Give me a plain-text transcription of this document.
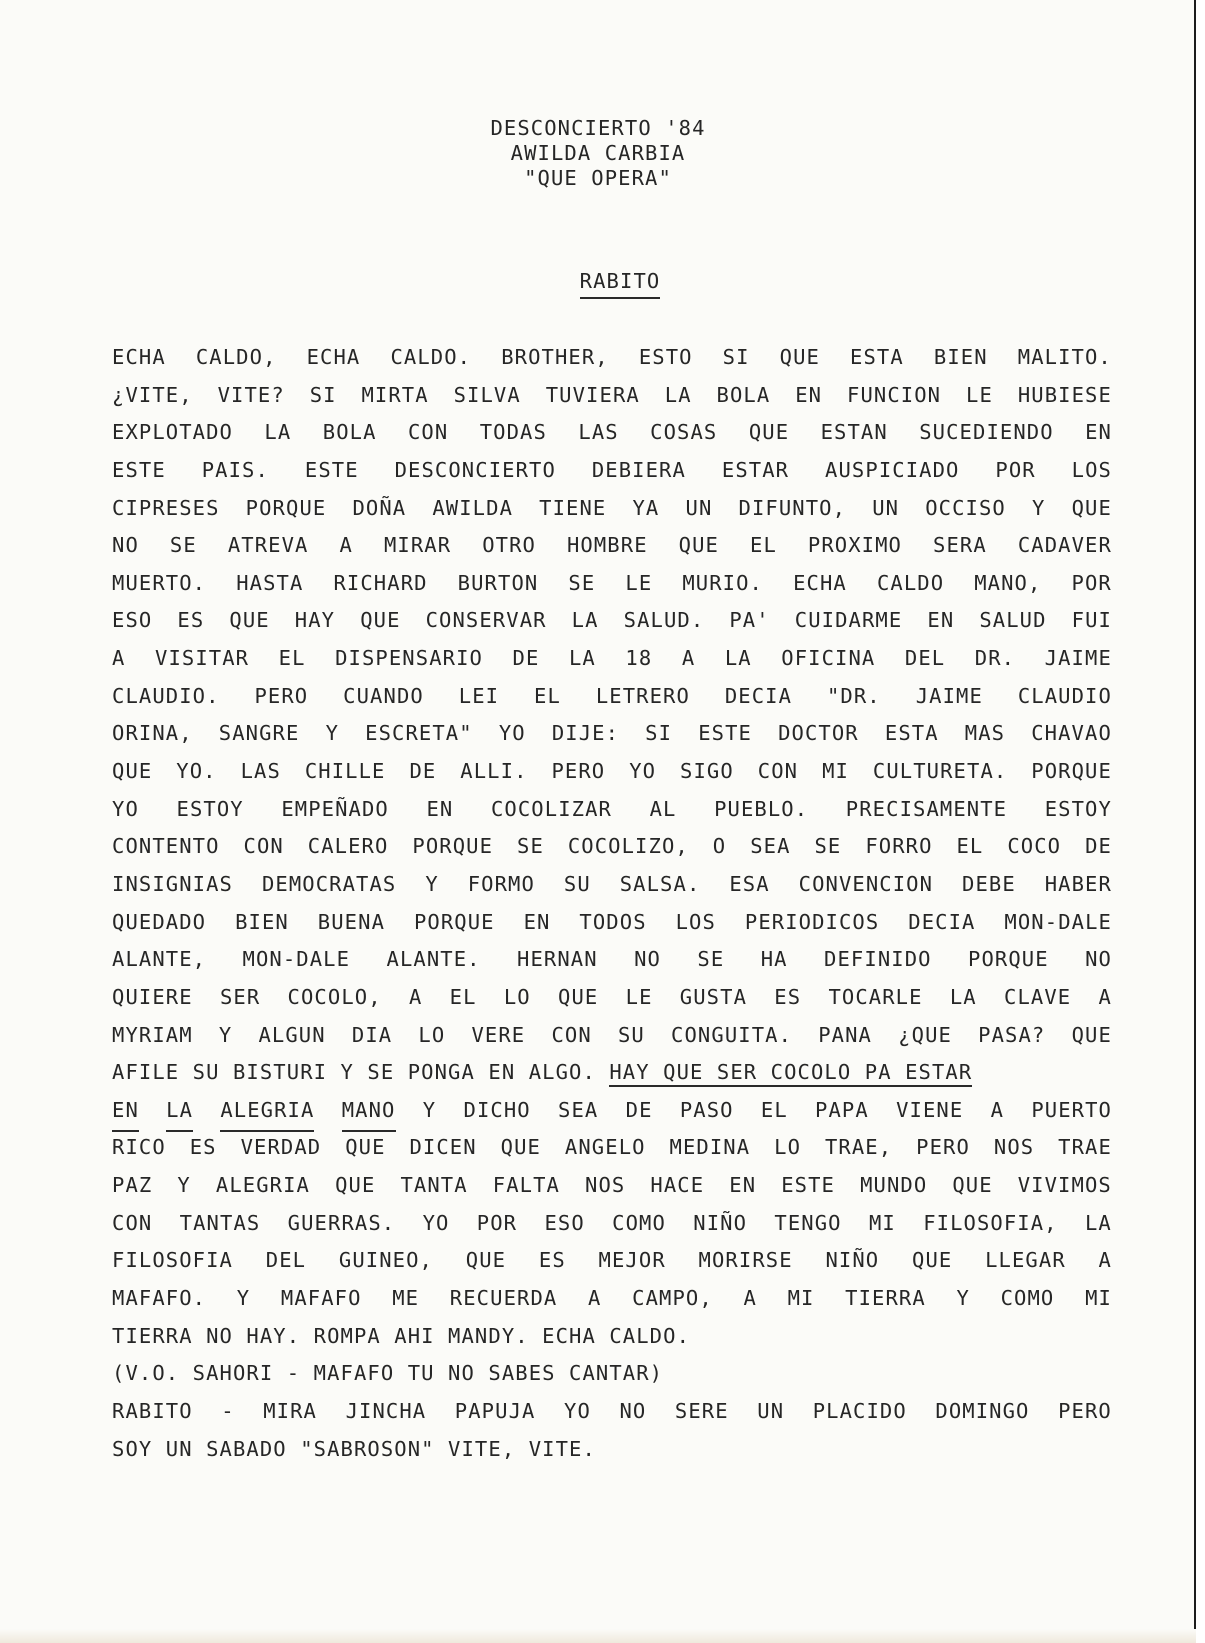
DESCONCIERTO '84
AWILDA CARBIA
"QUE OPERA"
RABITO
ECHA CALDO, ECHA CALDO. BROTHER, ESTO SI QUE ESTA BIEN MALITO.
¿VITE, VITE? SI MIRTA SILVA TUVIERA LA BOLA EN FUNCION LE HUBIESE
EXPLOTADO LA BOLA CON TODAS LAS COSAS QUE ESTAN SUCEDIENDO EN
ESTE PAIS. ESTE DESCONCIERTO DEBIERA ESTAR AUSPICIADO POR LOS
CIPRESES PORQUE DOÑA AWILDA TIENE YA UN DIFUNTO, UN OCCISO Y QUE
NO SE ATREVA A MIRAR OTRO HOMBRE QUE EL PROXIMO SERA CADAVER
MUERTO. HASTA RICHARD BURTON SE LE MURIO. ECHA CALDO MANO, POR
ESO ES QUE HAY QUE CONSERVAR LA SALUD. PA' CUIDARME EN SALUD FUI
A VISITAR EL DISPENSARIO DE LA 18 A LA OFICINA DEL DR. JAIME
CLAUDIO. PERO CUANDO LEI EL LETRERO DECIA "DR. JAIME CLAUDIO
ORINA, SANGRE Y ESCRETA" YO DIJE: SI ESTE DOCTOR ESTA MAS CHAVAO
QUE YO. LAS CHILLE DE ALLI. PERO YO SIGO CON MI CULTURETA. PORQUE
YO ESTOY EMPEÑADO EN COCOLIZAR AL PUEBLO. PRECISAMENTE ESTOY
CONTENTO CON CALERO PORQUE SE COCOLIZO, O SEA SE FORRO EL COCO DE
INSIGNIAS DEMOCRATAS Y FORMO SU SALSA. ESA CONVENCION DEBE HABER
QUEDADO BIEN BUENA PORQUE EN TODOS LOS PERIODICOS DECIA MON-DALE
ALANTE, MON-DALE ALANTE. HERNAN NO SE HA DEFINIDO PORQUE NO
QUIERE SER COCOLO, A EL LO QUE LE GUSTA ES TOCARLE LA CLAVE A
MYRIAM Y ALGUN DIA LO VERE CON SU CONGUITA. PANA ¿QUE PASA? QUE
AFILE SU BISTURI Y SE PONGA EN ALGO. HAY QUE SER COCOLO PA ESTAR
EN LA ALEGRIA MANO Y DICHO SEA DE PASO EL PAPA VIENE A PUERTO
RICO ES VERDAD QUE DICEN QUE ANGELO MEDINA LO TRAE, PERO NOS TRAE
PAZ Y ALEGRIA QUE TANTA FALTA NOS HACE EN ESTE MUNDO QUE VIVIMOS
CON TANTAS GUERRAS. YO POR ESO COMO NIÑO TENGO MI FILOSOFIA, LA
FILOSOFIA DEL GUINEO, QUE ES MEJOR MORIRSE NIÑO QUE LLEGAR A
MAFAFO. Y MAFAFO ME RECUERDA A CAMPO, A MI TIERRA Y COMO MI
TIERRA NO HAY. ROMPA AHI MANDY. ECHA CALDO.
(V.O. SAHORI - MAFAFO TU NO SABES CANTAR)
RABITO - MIRA JINCHA PAPUJA YO NO SERE UN PLACIDO DOMINGO PERO
SOY UN SABADO "SABROSON" VITE, VITE.
